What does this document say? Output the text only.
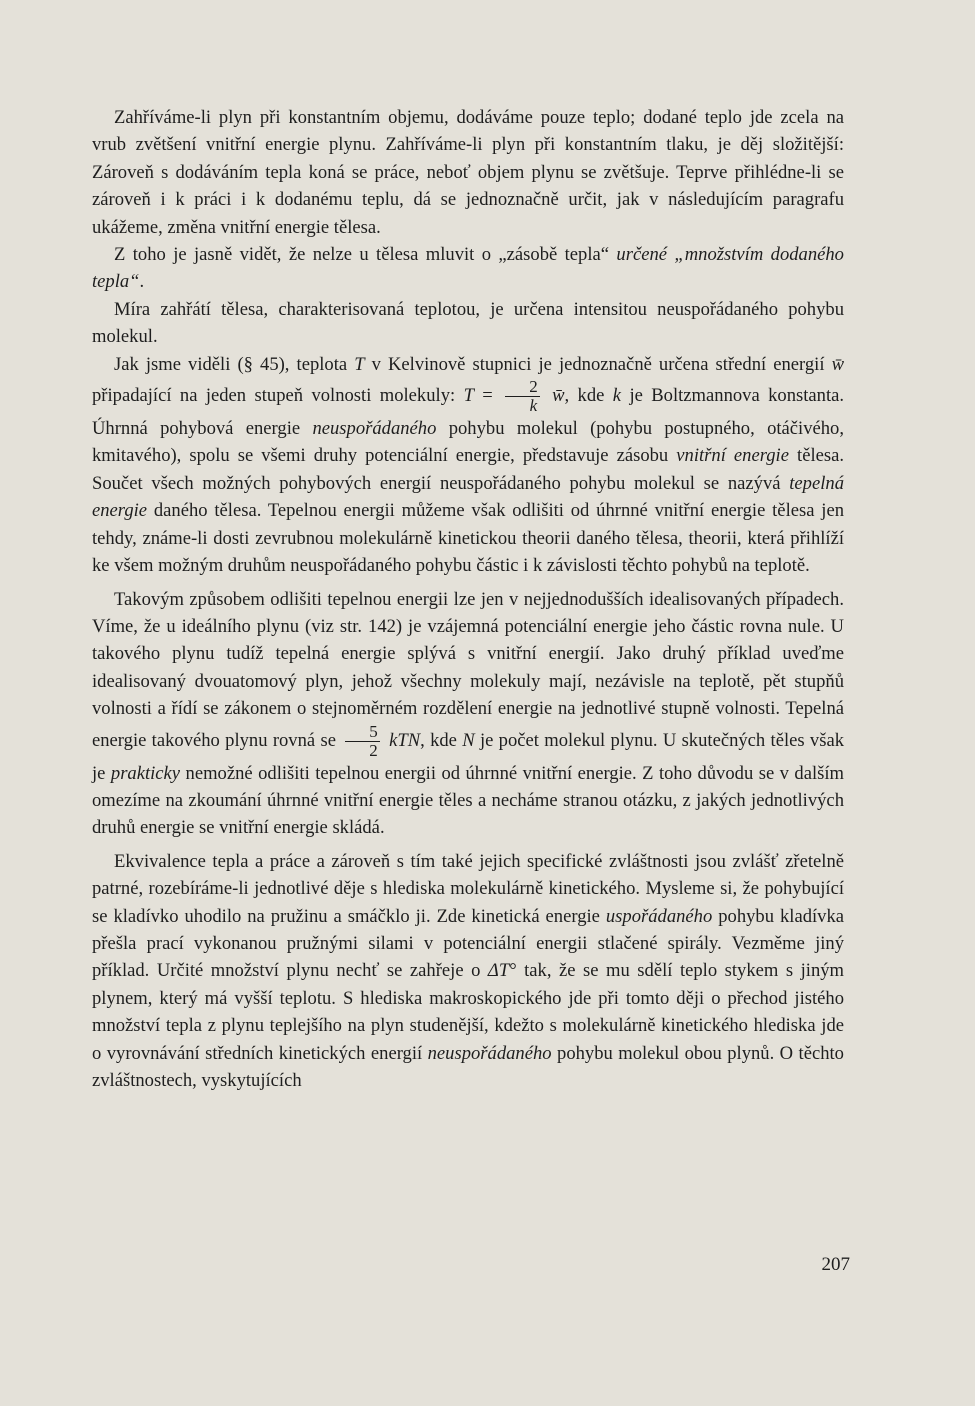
Zahříváme-li plyn při konstantním objemu, dodáváme pouze teplo; dodané teplo jde zcela na vrub zvětšení vnitřní energie plynu. Zahříváme-li plyn při konstantním tlaku, je děj složitější: Zároveň s dodáváním tepla koná se práce, neboť objem plynu se zvětšuje. Teprve přihlédne-li se zároveň i k práci i k dodanému teplu, dá se jednoznačně určit, jak v následujícím paragrafu ukážeme, změna vnitřní energie tělesa.

Z toho je jasně vidět, že nelze u tělesa mluvit o „zásobě tepla“ určené „množstvím dodaného tepla“.

Míra zahřátí tělesa, charakterisovaná teplotou, je určena intensitou neuspořádaného pohybu molekul.

Jak jsme viděli (§ 45), teplota T v Kelvinově stupnici je jednoznačně určena střední energií w̄ připadající na jeden stupeň volnosti molekuly: $T = \frac{2}{k}$ w̄, kde k je Boltzmannova konstanta. Úhrnná pohybová energie neuspořádaného pohybu molekul (pohybu postupného, otáčivého, kmitavého), spolu se všemi druhy potenciální energie, představuje zásobu vnitřní energie tělesa. Součet všech možných pohybových energií neuspořádaného pohybu molekul se nazývá tepelná energie daného tělesa. Tepelnou energii můžeme však odlišiti od úhrnné vnitřní energie tělesa jen tehdy, známe-li dosti zevrubnou molekulárně kinetickou theorii daného tělesa, theorii, která přihlíží ke všem možným druhům neuspořádaného pohybu částic i k závislosti těchto pohybů na teplotě.

Takovým způsobem odlišiti tepelnou energii lze jen v nejjednodušších idealisovaných případech. Víme, že u ideálního plynu (viz str. 142) je vzájemná potenciální energie jeho částic rovna nule. U takového plynu tudíž tepelná energie splývá s vnitřní energií. Jako druhý příklad uveďme idealisovaný dvouatomový plyn, jehož všechny molekuly mají, nezávisle na teplotě, pět stupňů volnosti a řídí se zákonem o stejnoměrném rozdělení energie na jednotlivé stupně volnosti. Tepelná energie takového plynu rovná se $\frac{5}{2}$ kTN, kde N je počet molekul plynu. U skutečných těles však je prakticky nemožné odlišiti tepelnou energii od úhrnné vnitřní energie. Z toho důvodu se v dalším omezíme na zkoumání úhrnné vnitřní energie těles a necháme stranou otázku, z jakých jednotlivých druhů energie se vnitřní energie skládá.

Ekvivalence tepla a práce a zároveň s tím také jejich specifické zvláštnosti jsou zvlášť zřetelně patrné, rozebíráme-li jednotlivé děje s hlediska molekulárně kinetického. Mysleme si, že pohybující se kladívko uhodilo na pružinu a smáčklo ji. Zde kinetická energie uspořádaného pohybu kladívka přešla prací vykonanou pružnými silami v potenciální energii stlačené spirály. Vezměme jiný příklad. Určité množství plynu nechť se zahřeje o ΔT° tak, že se mu sdělí teplo stykem s jiným plynem, který má vyšší teplotu. S hlediska makroskopického jde při tomto ději o přechod jistého množství tepla z plynu teplejšího na plyn studenější, kdežto s molekulárně kinetického hlediska jde o vyrovnávání středních kinetických energií neuspořádaného pohybu molekul obou plynů. O těchto zvláštnostech, vyskytujících

207
